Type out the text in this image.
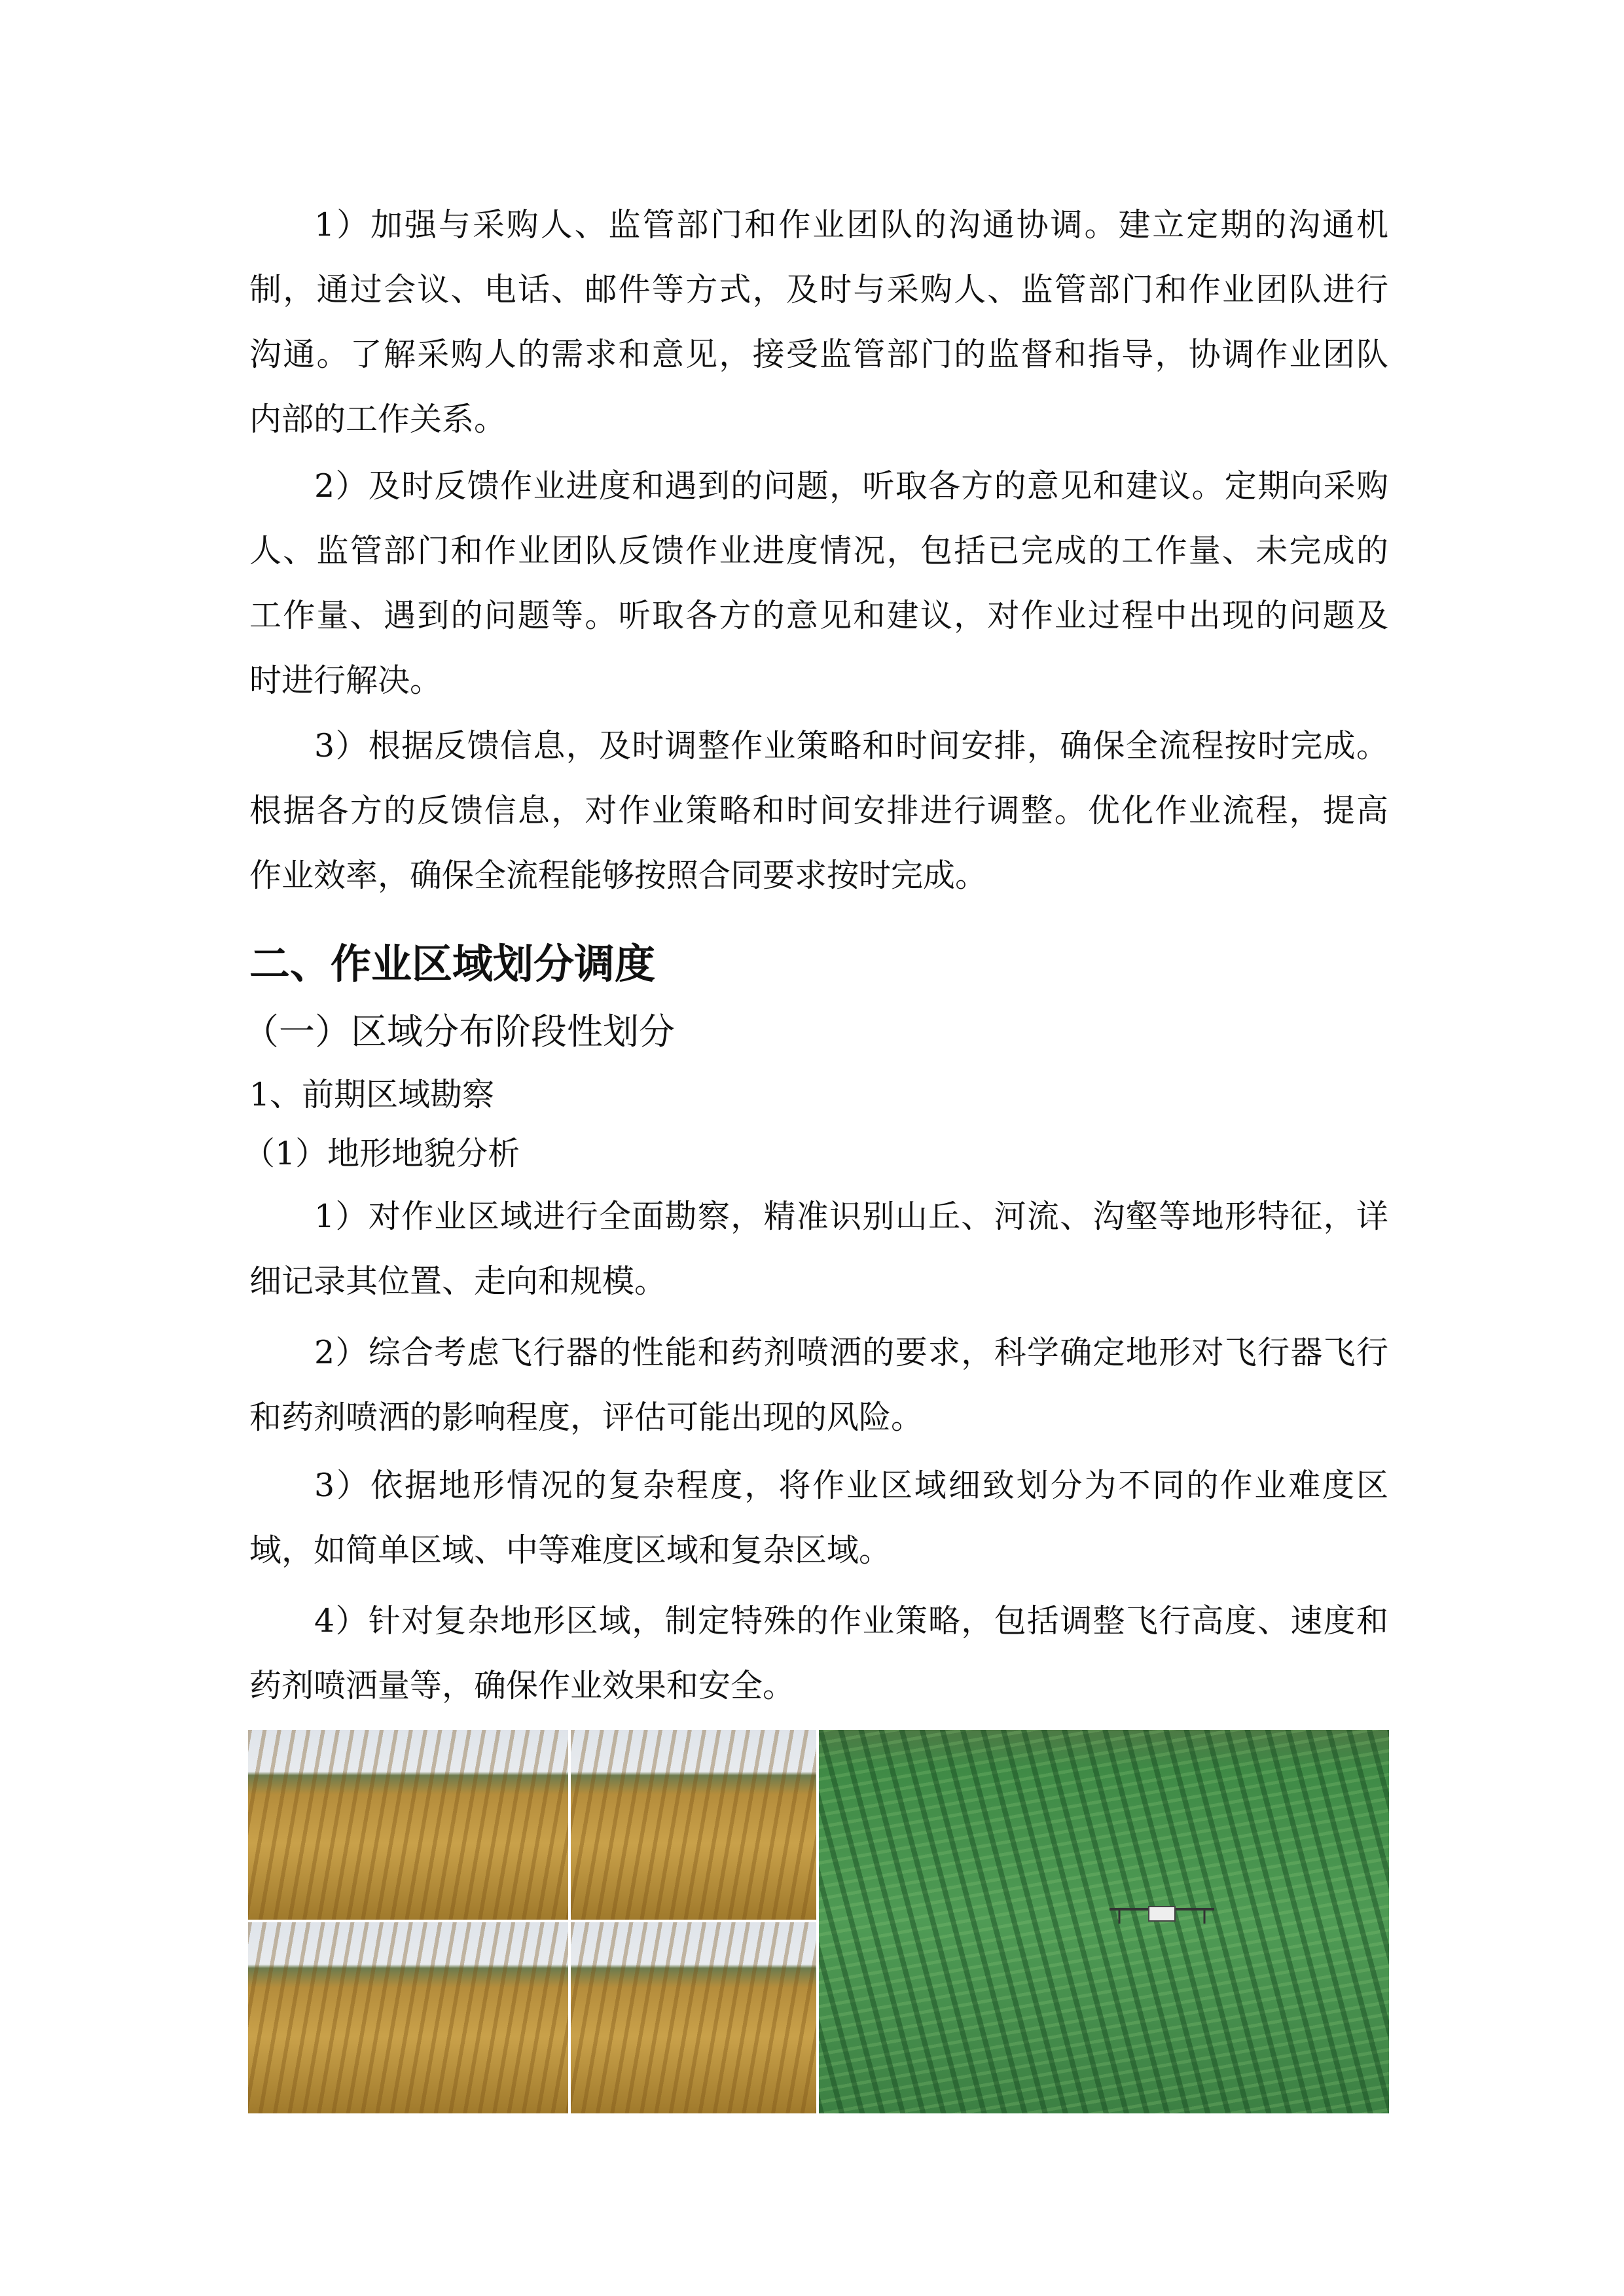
1）加强与采购人、监管部门和作业团队的沟通协调。建立定期的沟通机
制，通过会议、电话、邮件等方式，及时与采购人、监管部门和作业团队进行
沟通。了解采购人的需求和意见，接受监管部门的监督和指导，协调作业团队
内部的工作关系。
2）及时反馈作业进度和遇到的问题，听取各方的意见和建议。定期向采购
人、监管部门和作业团队反馈作业进度情况，包括已完成的工作量、未完成的
工作量、遇到的问题等。听取各方的意见和建议，对作业过程中出现的问题及
时进行解决。
3）根据反馈信息，及时调整作业策略和时间安排，确保全流程按时完成。
根据各方的反馈信息，对作业策略和时间安排进行调整。优化作业流程，提高
作业效率，确保全流程能够按照合同要求按时完成。
二、作业区域划分调度
（一）区域分布阶段性划分
1、前期区域勘察
（1）地形地貌分析
1）对作业区域进行全面勘察，精准识别山丘、河流、沟壑等地形特征，详
细记录其位置、走向和规模。
2）综合考虑飞行器的性能和药剂喷洒的要求，科学确定地形对飞行器飞行
和药剂喷洒的影响程度，评估可能出现的风险。
3）依据地形情况的复杂程度，将作业区域细致划分为不同的作业难度区
域，如简单区域、中等难度区域和复杂区域。
4）针对复杂地形区域，制定特殊的作业策略，包括调整飞行高度、速度和
药剂喷洒量等，确保作业效果和安全。
